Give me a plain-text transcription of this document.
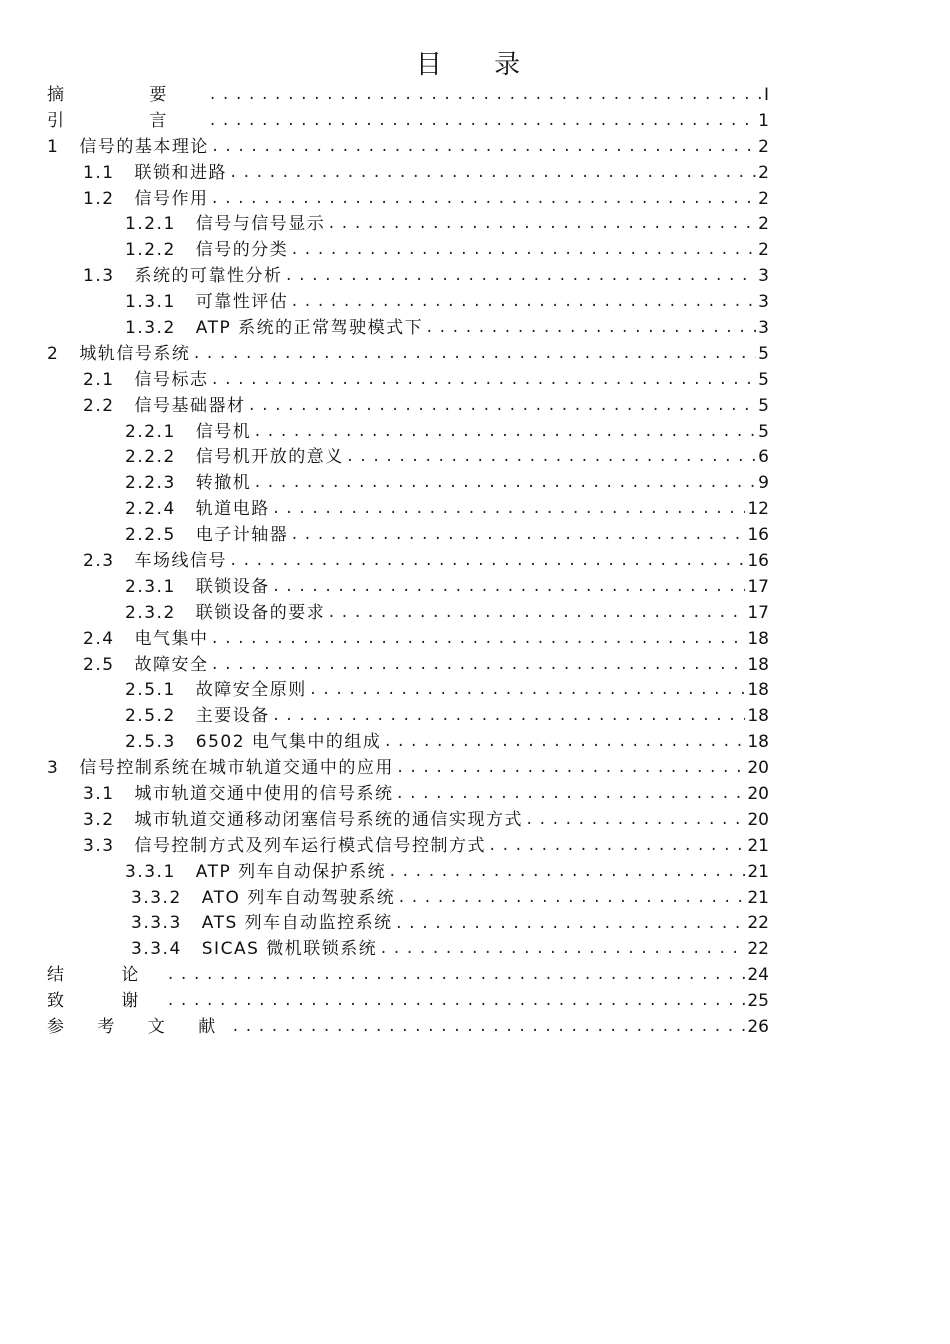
目 录
摘 要 .....	I
引 言 .....	1
1 信号的基本理论 .....	2
1.1 联锁和进路 .....	2
1.2 信号作用 .....	2
1.2.1 信号与信号显示 .....	2
1.2.2 信号的分类 .....	2
1.3 系统的可靠性分析 .....	3
1.3.1 可靠性评估 .....	3
1.3.2 ATP 系统的正常驾驶模式下 .....	3
2 城轨信号系统 .....	5
2.1 信号标志 .....	5
2.2 信号基础器材 .....	5
2.2.1 信号机 .....	5
2.2.2 信号机开放的意义 .....	6
2.2.3 转撤机 .....	9
2.2.4 轨道电路 .....	12
2.2.5 电子计轴器 .....	16
2.3 车场线信号 .....	16
2.3.1 联锁设备 .....	17
2.3.2 联锁设备的要求 .....	17
2.4 电气集中 .....	18
2.5 故障安全 .....	18
2.5.1 故障安全原则 .....	18
2.5.2 主要设备 .....	18
2.5.3 6502 电气集中的组成 .....	18
3 信号控制系统在城市轨道交通中的应用 .....	20
3.1 城市轨道交通中使用的信号系统 .....	20
3.2 城市轨道交通移动闭塞信号系统的通信实现方式 .....	20
3.3 信号控制方式及列车运行模式信号控制方式 .....	21
3.3.1 ATP 列车自动保护系统 .....	21
3.3.2 ATO 列车自动驾驶系统 .....	21
3.3.3 ATS 列车自动监控系统 .....	22
3.3.4 SICAS 微机联锁系统 .....	22
结 论 .....	24
致 谢 .....	25
参 考 文 献 .....	26
